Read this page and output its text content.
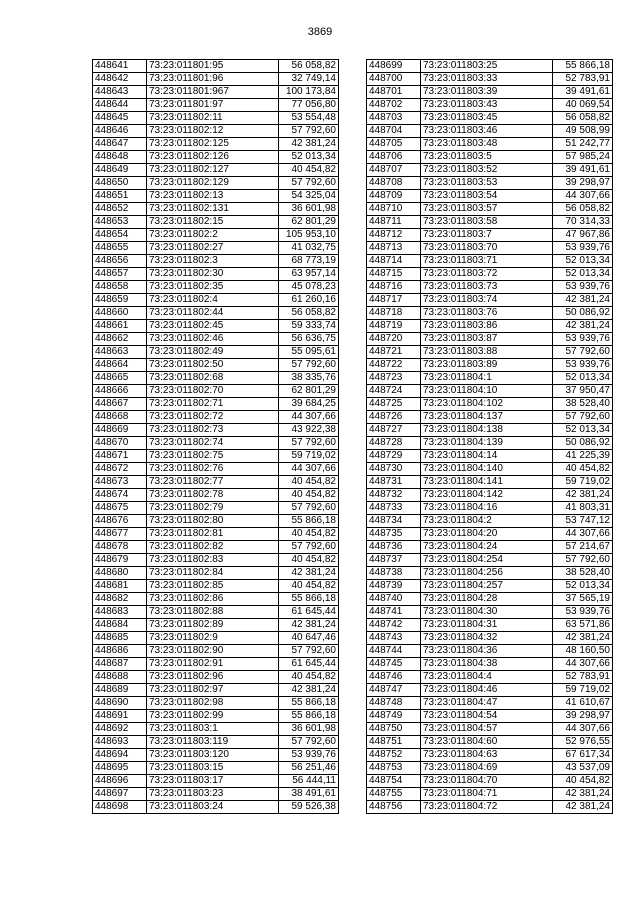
3869
448641	73:23:011801:95	56 058,82
448642	73:23:011801:96	32 749,14
448643	73:23:011801:967	100 173,84
448644	73:23:011801:97	77 056,80
448645	73:23:011802:11	53 554,48
448646	73:23:011802:12	57 792,60
448647	73:23:011802:125	42 381,24
448648	73:23:011802:126	52 013,34
448649	73:23:011802:127	40 454,82
448650	73:23:011802:129	57 792,60
448651	73:23:011802:13	54 325,04
448652	73:23:011802:131	36 601,98
448653	73:23:011802:15	62 801,29
448654	73:23:011802:2	105 953,10
448655	73:23:011802:27	41 032,75
448656	73:23:011802:3	68 773,19
448657	73:23:011802:30	63 957,14
448658	73:23:011802:35	45 078,23
448659	73:23:011802:4	61 260,16
448660	73:23:011802:44	56 058,82
448661	73:23:011802:45	59 333,74
448662	73:23:011802:46	56 636,75
448663	73:23:011802:49	55 095,61
448664	73:23:011802:50	57 792,60
448665	73:23:011802:68	38 335,76
448666	73:23:011802:70	62 801,29
448667	73:23:011802:71	39 684,25
448668	73:23:011802:72	44 307,66
448669	73:23:011802:73	43 922,38
448670	73:23:011802:74	57 792,60
448671	73:23:011802:75	59 719,02
448672	73:23:011802:76	44 307,66
448673	73:23:011802:77	40 454,82
448674	73:23:011802:78	40 454,82
448675	73:23:011802:79	57 792,60
448676	73:23:011802:80	55 866,18
448677	73:23:011802:81	40 454,82
448678	73:23:011802:82	57 792,60
448679	73:23:011802:83	40 454,82
448680	73:23:011802:84	42 381,24
448681	73:23:011802:85	40 454,82
448682	73:23:011802:86	55 866,18
448683	73:23:011802:88	61 645,44
448684	73:23:011802:89	42 381,24
448685	73:23:011802:9	40 647,46
448686	73:23:011802:90	57 792,60
448687	73:23:011802:91	61 645,44
448688	73:23:011802:96	40 454,82
448689	73:23:011802:97	42 381,24
448690	73:23:011802:98	55 866,18
448691	73:23:011802:99	55 866,18
448692	73:23:011803:1	36 601,98
448693	73:23:011803:119	57 792,60
448694	73:23:011803:120	53 939,76
448695	73:23:011803:15	56 251,46
448696	73:23:011803:17	56 444,11
448697	73:23:011803:23	38 491,61
448698	73:23:011803:24	59 526,38
448699	73:23:011803:25	55 866,18
448700	73:23:011803:33	52 783,91
448701	73:23:011803:39	39 491,61
448702	73:23:011803:43	40 069,54
448703	73:23:011803:45	56 058,82
448704	73:23:011803:46	49 508,99
448705	73:23:011803:48	51 242,77
448706	73:23:011803:5	57 985,24
448707	73:23:011803:52	39 491,61
448708	73:23:011803:53	39 298,97
448709	73:23:011803:54	44 307,66
448710	73:23:011803:57	56 058,82
448711	73:23:011803:58	70 314,33
448712	73:23:011803:7	47 967,86
448713	73:23:011803:70	53 939,76
448714	73:23:011803:71	52 013,34
448715	73:23:011803:72	52 013,34
448716	73:23:011803:73	53 939,76
448717	73:23:011803:74	42 381,24
448718	73:23:011803:76	50 086,92
448719	73:23:011803:86	42 381,24
448720	73:23:011803:87	53 939,76
448721	73:23:011803:88	57 792,60
448722	73:23:011803:89	53 939,76
448723	73:23:011804:1	52 013,34
448724	73:23:011804:10	37 950,47
448725	73:23:011804:102	38 528,40
448726	73:23:011804:137	57 792,60
448727	73:23:011804:138	52 013,34
448728	73:23:011804:139	50 086,92
448729	73:23:011804:14	41 225,39
448730	73:23:011804:140	40 454,82
448731	73:23:011804:141	59 719,02
448732	73:23:011804:142	42 381,24
448733	73:23:011804:16	41 803,31
448734	73:23:011804:2	53 747,12
448735	73:23:011804:20	44 307,66
448736	73:23:011804:24	57 214,67
448737	73:23:011804:254	57 792,60
448738	73:23:011804:256	38 528,40
448739	73:23:011804:257	52 013,34
448740	73:23:011804:28	37 565,19
448741	73:23:011804:30	53 939,76
448742	73:23:011804:31	63 571,86
448743	73:23:011804:32	42 381,24
448744	73:23:011804:36	48 160,50
448745	73:23:011804:38	44 307,66
448746	73:23:011804:4	52 783,91
448747	73:23:011804:46	59 719,02
448748	73:23:011804:47	41 610,67
448749	73:23:011804:54	39 298,97
448750	73:23:011804:57	44 307,66
448751	73:23:011804:60	52 976,55
448752	73:23:011804:63	67 617,34
448753	73:23:011804:69	43 537,09
448754	73:23:011804:70	40 454,82
448755	73:23:011804:71	42 381,24
448756	73:23:011804:72	42 381,24
